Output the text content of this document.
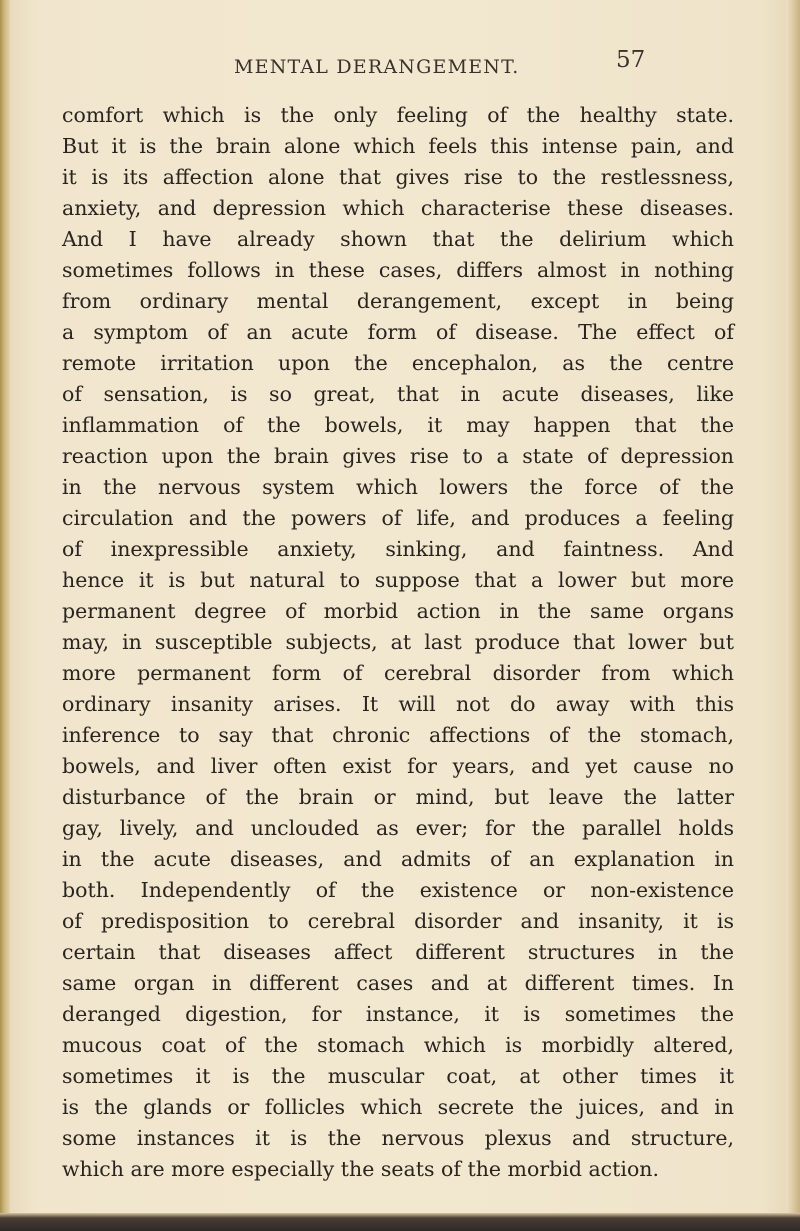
MENTAL DERANGEMENT.	57
comfort which is the only feeling of the healthy state.
But it is the brain alone which feels this intense pain, and
it is its affection alone that gives rise to the restlessness,
anxiety, and depression which characterise these diseases.
And I have already shown that the delirium which
sometimes follows in these cases, differs almost in nothing
from ordinary mental derangement, except in being
a symptom of an acute form of disease. The effect of
remote irritation upon the encephalon, as the centre
of sensation, is so great, that in acute diseases, like
inflammation of the bowels, it may happen that the
reaction upon the brain gives rise to a state of depression
in the nervous system which lowers the force of the
circulation and the powers of life, and produces a feeling
of inexpressible anxiety, sinking, and faintness. And
hence it is but natural to suppose that a lower but more
permanent degree of morbid action in the same organs
may, in susceptible subjects, at last produce that lower but
more permanent form of cerebral disorder from which
ordinary insanity arises. It will not do away with this
inference to say that chronic affections of the stomach,
bowels, and liver often exist for years, and yet cause no
disturbance of the brain or mind, but leave the latter
gay, lively, and unclouded as ever; for the parallel holds
in the acute diseases, and admits of an explanation in
both. Independently of the existence or non-existence
of predisposition to cerebral disorder and insanity, it is
certain that diseases affect different structures in the
same organ in different cases and at different times. In
deranged digestion, for instance, it is sometimes the
mucous coat of the stomach which is morbidly altered,
sometimes it is the muscular coat, at other times it
is the glands or follicles which secrete the juices, and in
some instances it is the nervous plexus and structure,
which are more especially the seats of the morbid action.
